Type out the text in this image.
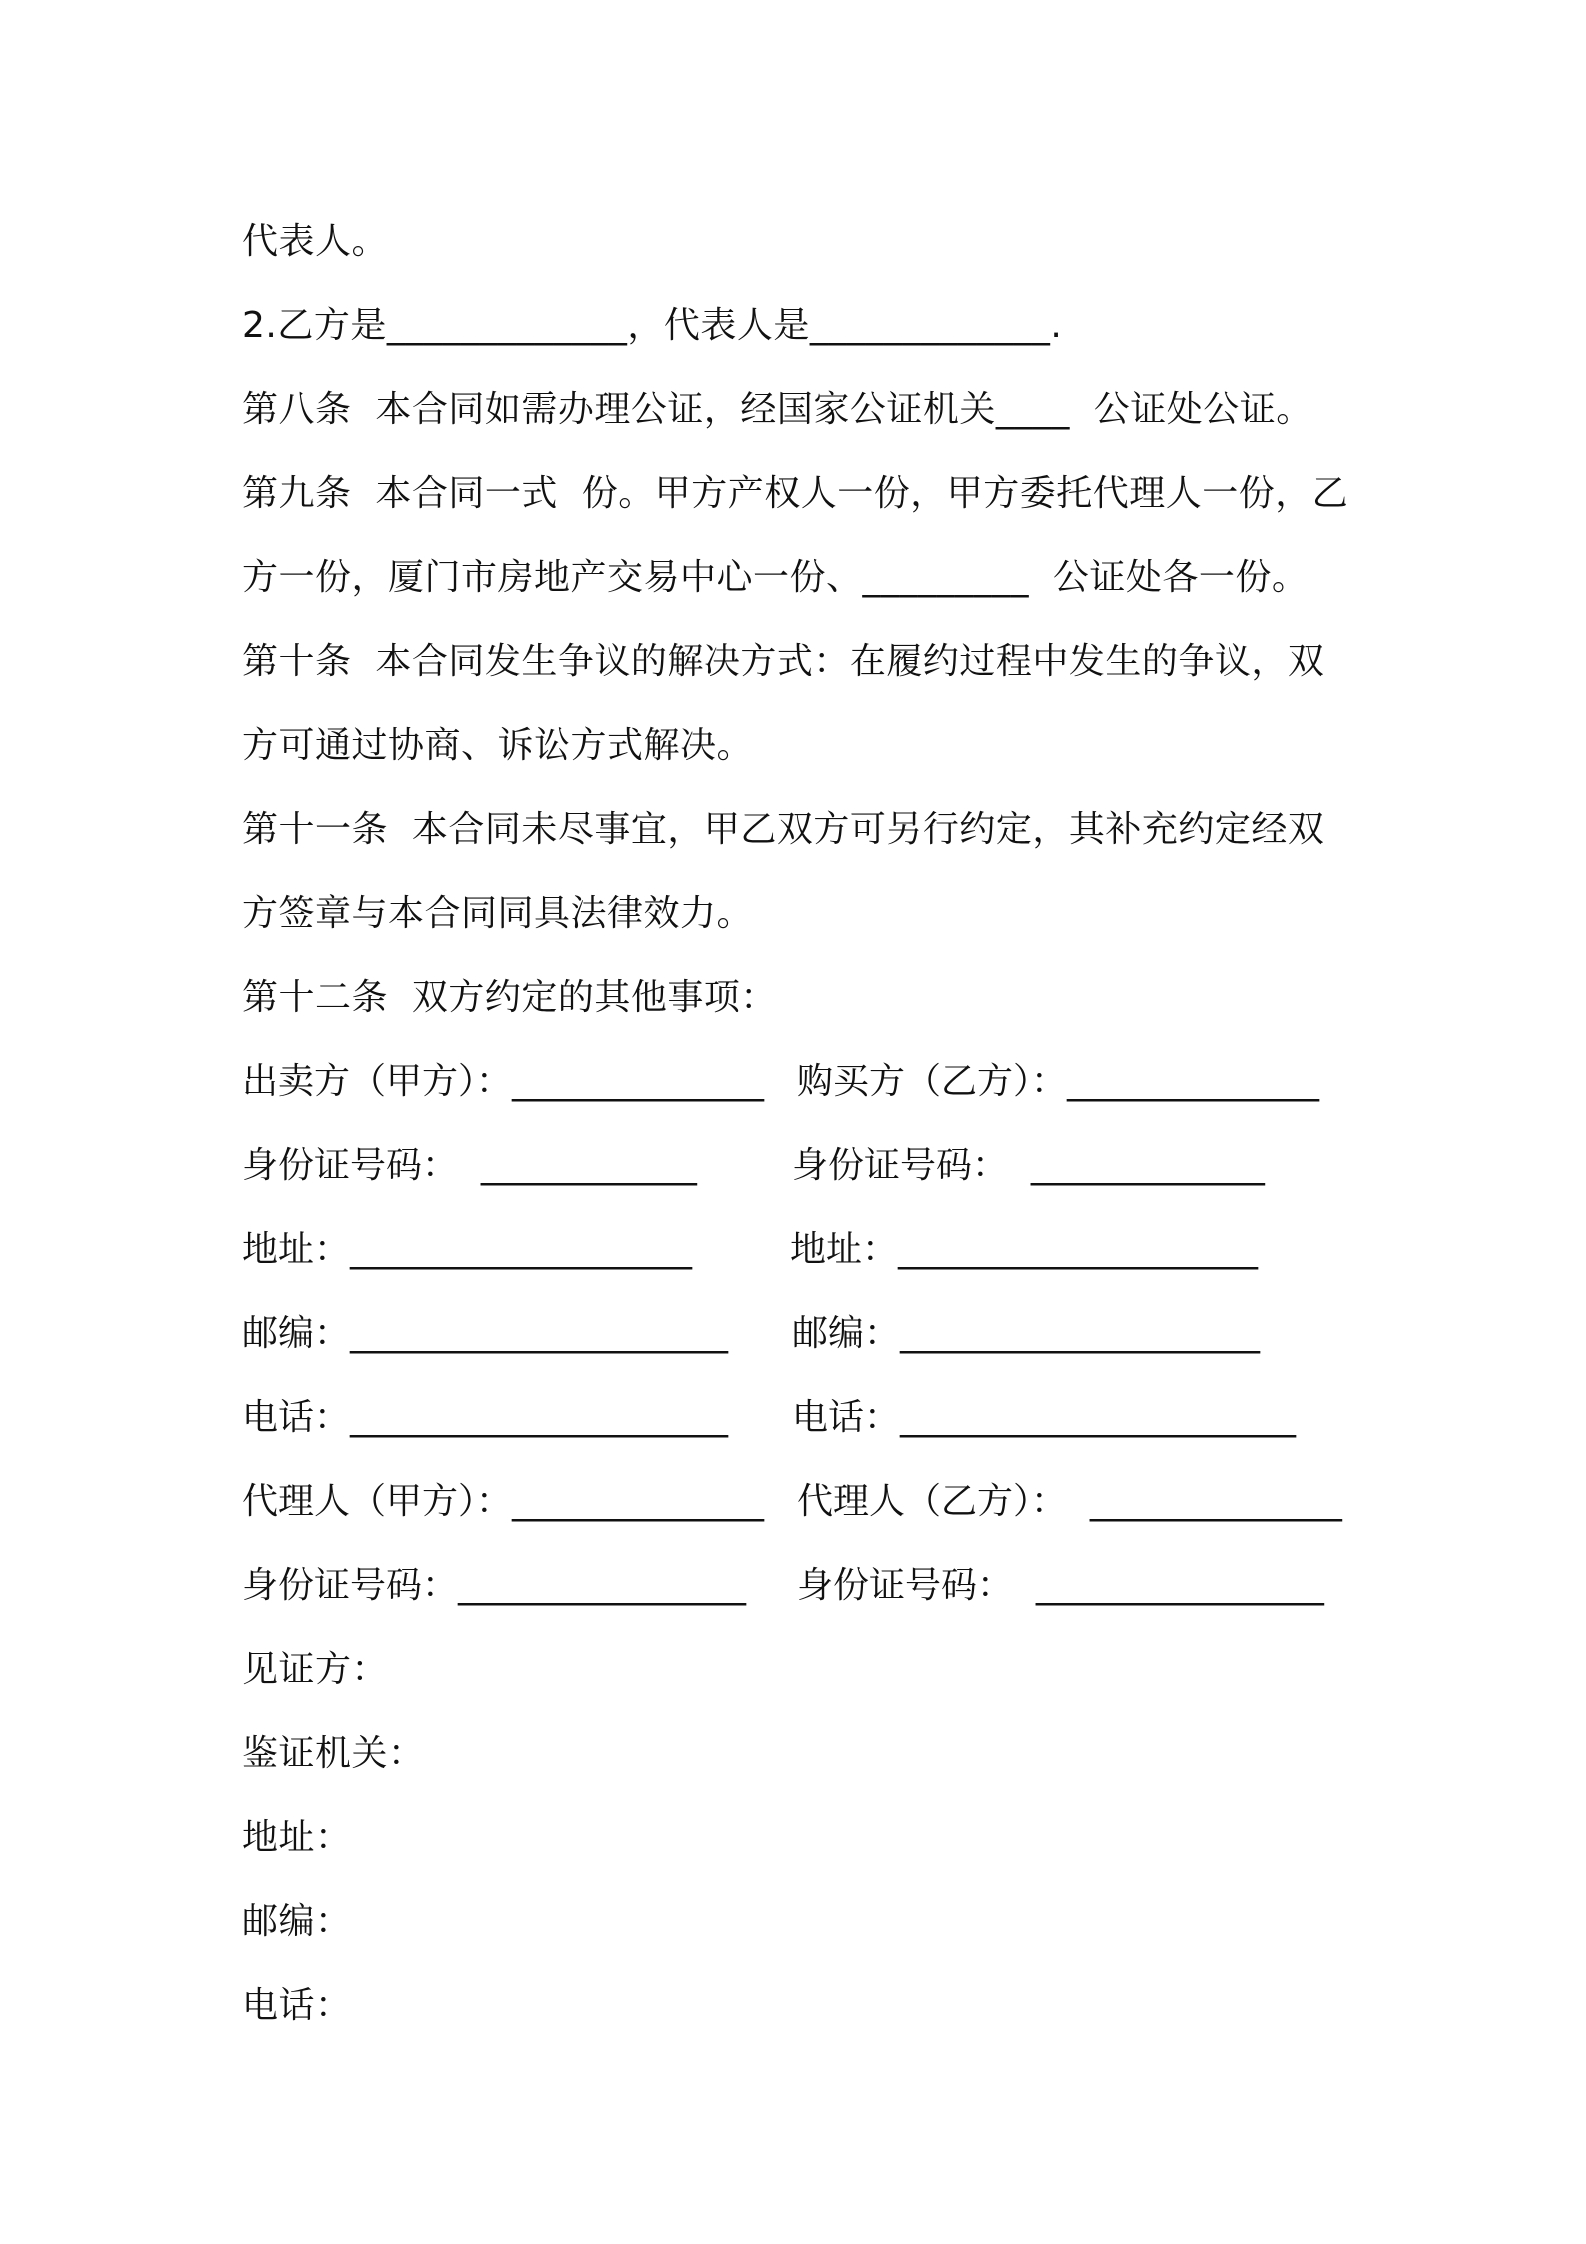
代表人。
2.乙方是_____________，代表人是_____________.
第八条  本合同如需办理公证，经国家公证机关____  公证处公证。
第九条  本合同一式  份。甲方产权人一份，甲方委托代理人一份，乙
方一份，厦门市房地产交易中心一份、_________  公证处各一份。
第十条  本合同发生争议的解决方式：在履约过程中发生的争议，双
方可通过协商、诉讼方式解决。
第十一条  本合同未尽事宜，甲乙双方可另行约定，其补充约定经双
方签章与本合同同具法律效力。
第十二条  双方约定的其他事项：

出卖方（甲方）：______________

购买方（乙方）：______________

身份证号码：  ____________

	身份证号码：  _____________

地址：___________________

	地址：____________________

邮编：_____________________

邮编：____________________

电话：_____________________

电话：______________________

代理人（甲方）：______________

代理人（乙方）：  ______________

身份证号码：________________

身份证号码：  ________________

见证方：
鉴证机关：
地址：
邮编：
电话：
